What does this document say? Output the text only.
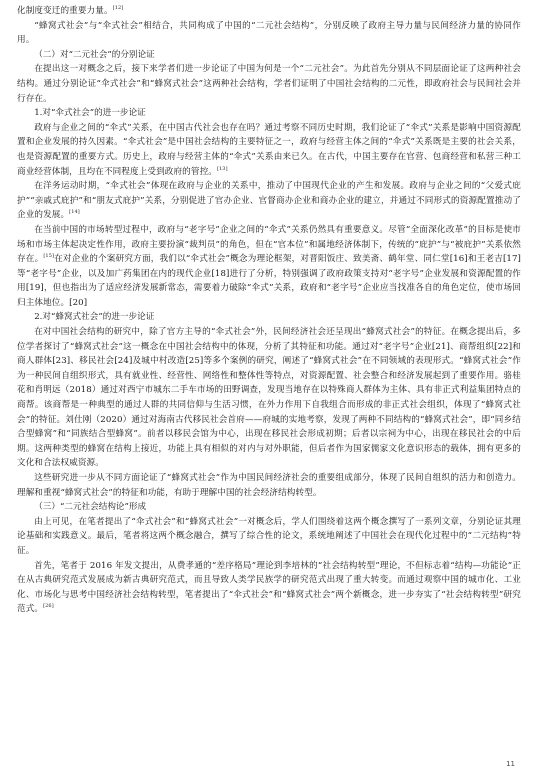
化制度变迁的重要力量。[12]

“蜂窝式社会”与“伞式社会”相结合，共同构成了中国的“二元社会结构”，分别反映了政府主导力量与民间经济力量的协同作用。

（二）对“二元社会”的分别论证

在提出这一对概念之后，接下来学者们进一步论证了中国为何是一个“二元社会”。为此首先分别从不同层面论证了这两种社会结构。通过分别论证“伞式社会”和“蜂窝式社会”这两种社会结构，学者们证明了中国社会结构的二元性，即政府社会与民间社会并行存在。

1.对“伞式社会”的进一步论证

政府与企业之间的“伞式”关系，在中国古代社会也存在吗？通过考察不同历史时期，我们论证了“伞式”关系是影响中国资源配置和企业发展的持久因素。“伞式社会”是中国社会结构的主要特征之一，政府与经营主体之间的“伞式”关系既是主要的社会关系，也是资源配置的重要方式。历史上，政府与经营主体的“伞式”关系由来已久。在古代，中国主要存在官营、包商经营和私营三种工商业经营体制，且均在不同程度上受到政府的管控。[13]

在洋务运动时期，“伞式社会”体现在政府与企业的关系中，推动了中国现代企业的产生和发展。政府与企业之间的“父爱式庇护”“亲戚式庇护”和“朋友式庇护”关系，分别促进了官办企业、官督商办企业和商办企业的建立，并通过不同形式的资源配置推动了企业的发展。[14]

在当前中国的市场转型过程中，政府与“老字号”企业之间的“伞式”关系仍然具有重要意义。尽管“全面深化改革”的目标是使市场和市场主体起决定性作用，政府主要扮演“裁判员”的角色，但在“官本位”和属地经济体制下，传统的“庇护”与“被庇护”关系依然存在。[15]在对企业的个案研究方面，我们以“伞式社会”概念为理论框架，对晋阳饭庄、致美斋、鹤年堂、同仁堂[16]和王老吉[17]等“老字号”企业，以及加广药集团在内的现代企业[18]进行了分析，特别强调了政府政策支持对“老字号”企业发展和资源配置的作用[19]，但也指出为了适应经济发展新常态，需要着力破除“伞式”关系，政府和“老字号”企业应当找准各自的角色定位，使市场回归主体地位。[20]

2.对“蜂窝式社会”的进一步论证

在对中国社会结构的研究中，除了官方主导的“伞式社会”外，民间经济社会还呈现出“蜂窝式社会”的特征。在概念提出后，多位学者探讨了“蜂窝式社会”这一概念在中国社会结构中的体现，分析了其特征和功能。通过对“老字号”企业[21]、商帮组织[22]和商人群体[23]、移民社会[24]及城中村改造[25]等多个案例的研究，阐述了“蜂窝式社会”在不同领域的表现形式。“蜂窝式社会”作为一种民间自组织形式，具有就业性、经营性、网络性和整体性等特点，对资源配置、社会整合和经济发展起到了重要作用。骆桂花和肖明远（2018）通过对西宁市城东二手车市场的田野调查，发现当地存在以特殊商人群体为主体、具有非正式利益集团特点的商帮。该商帮是一种典型的通过人群的共同信仰与生活习惯，在外力作用下自我组合而形成的非正式社会组织，体现了“蜂窝式社会”的特征。刘仕刚（2020）通过对海南古代移民社会首府——府城的实地考察，发现了两种不同结构的“蜂窝式社会”，即“同乡结合型蜂窝”和“同族结合型蜂窝”。前者以移民会馆为中心，出现在移民社会形成初期；后者以宗祠为中心，出现在移民社会的中后期。这两种类型的蜂窝在结构上接近，功能上具有相似的对内与对外职能，但后者作为国家儒家文化意识形态的载体，拥有更多的文化和合法权威资源。

这些研究进一步从不同方面论证了“蜂窝式社会”作为中国民间经济社会的重要组成部分，体现了民间自组织的活力和创造力。理解和重视“蜂窝式社会”的特征和功能，有助于理解中国的社会经济结构转型。

（三）“二元社会结构论”形成

由上可见，在笔者提出了“伞式社会”和“蜂窝式社会”一对概念后，学人们围绕着这两个概念撰写了一系列文章，分别论证其理论基础和实践意义。最后，笔者将这两个概念融合，撰写了综合性的论文，系统地阐述了中国社会在现代化过程中的“二元结构”特征。

首先，笔者于 2016 年发文提出，从费孝通的“差序格局”理论到李培林的“社会结构转型”理论，不但标志着“结构—功能论”正在从古典研究范式发展成为新古典研究范式，而且导致人类学民族学的研究范式出现了重大转变。而通过观察中国的城市化、工业化、市场化与思考中国经济社会结构转型，笔者提出了“伞式社会”和“蜂窝式社会”两个新概念，进一步夯实了“社会结构转型”研究范式。[26]

11
